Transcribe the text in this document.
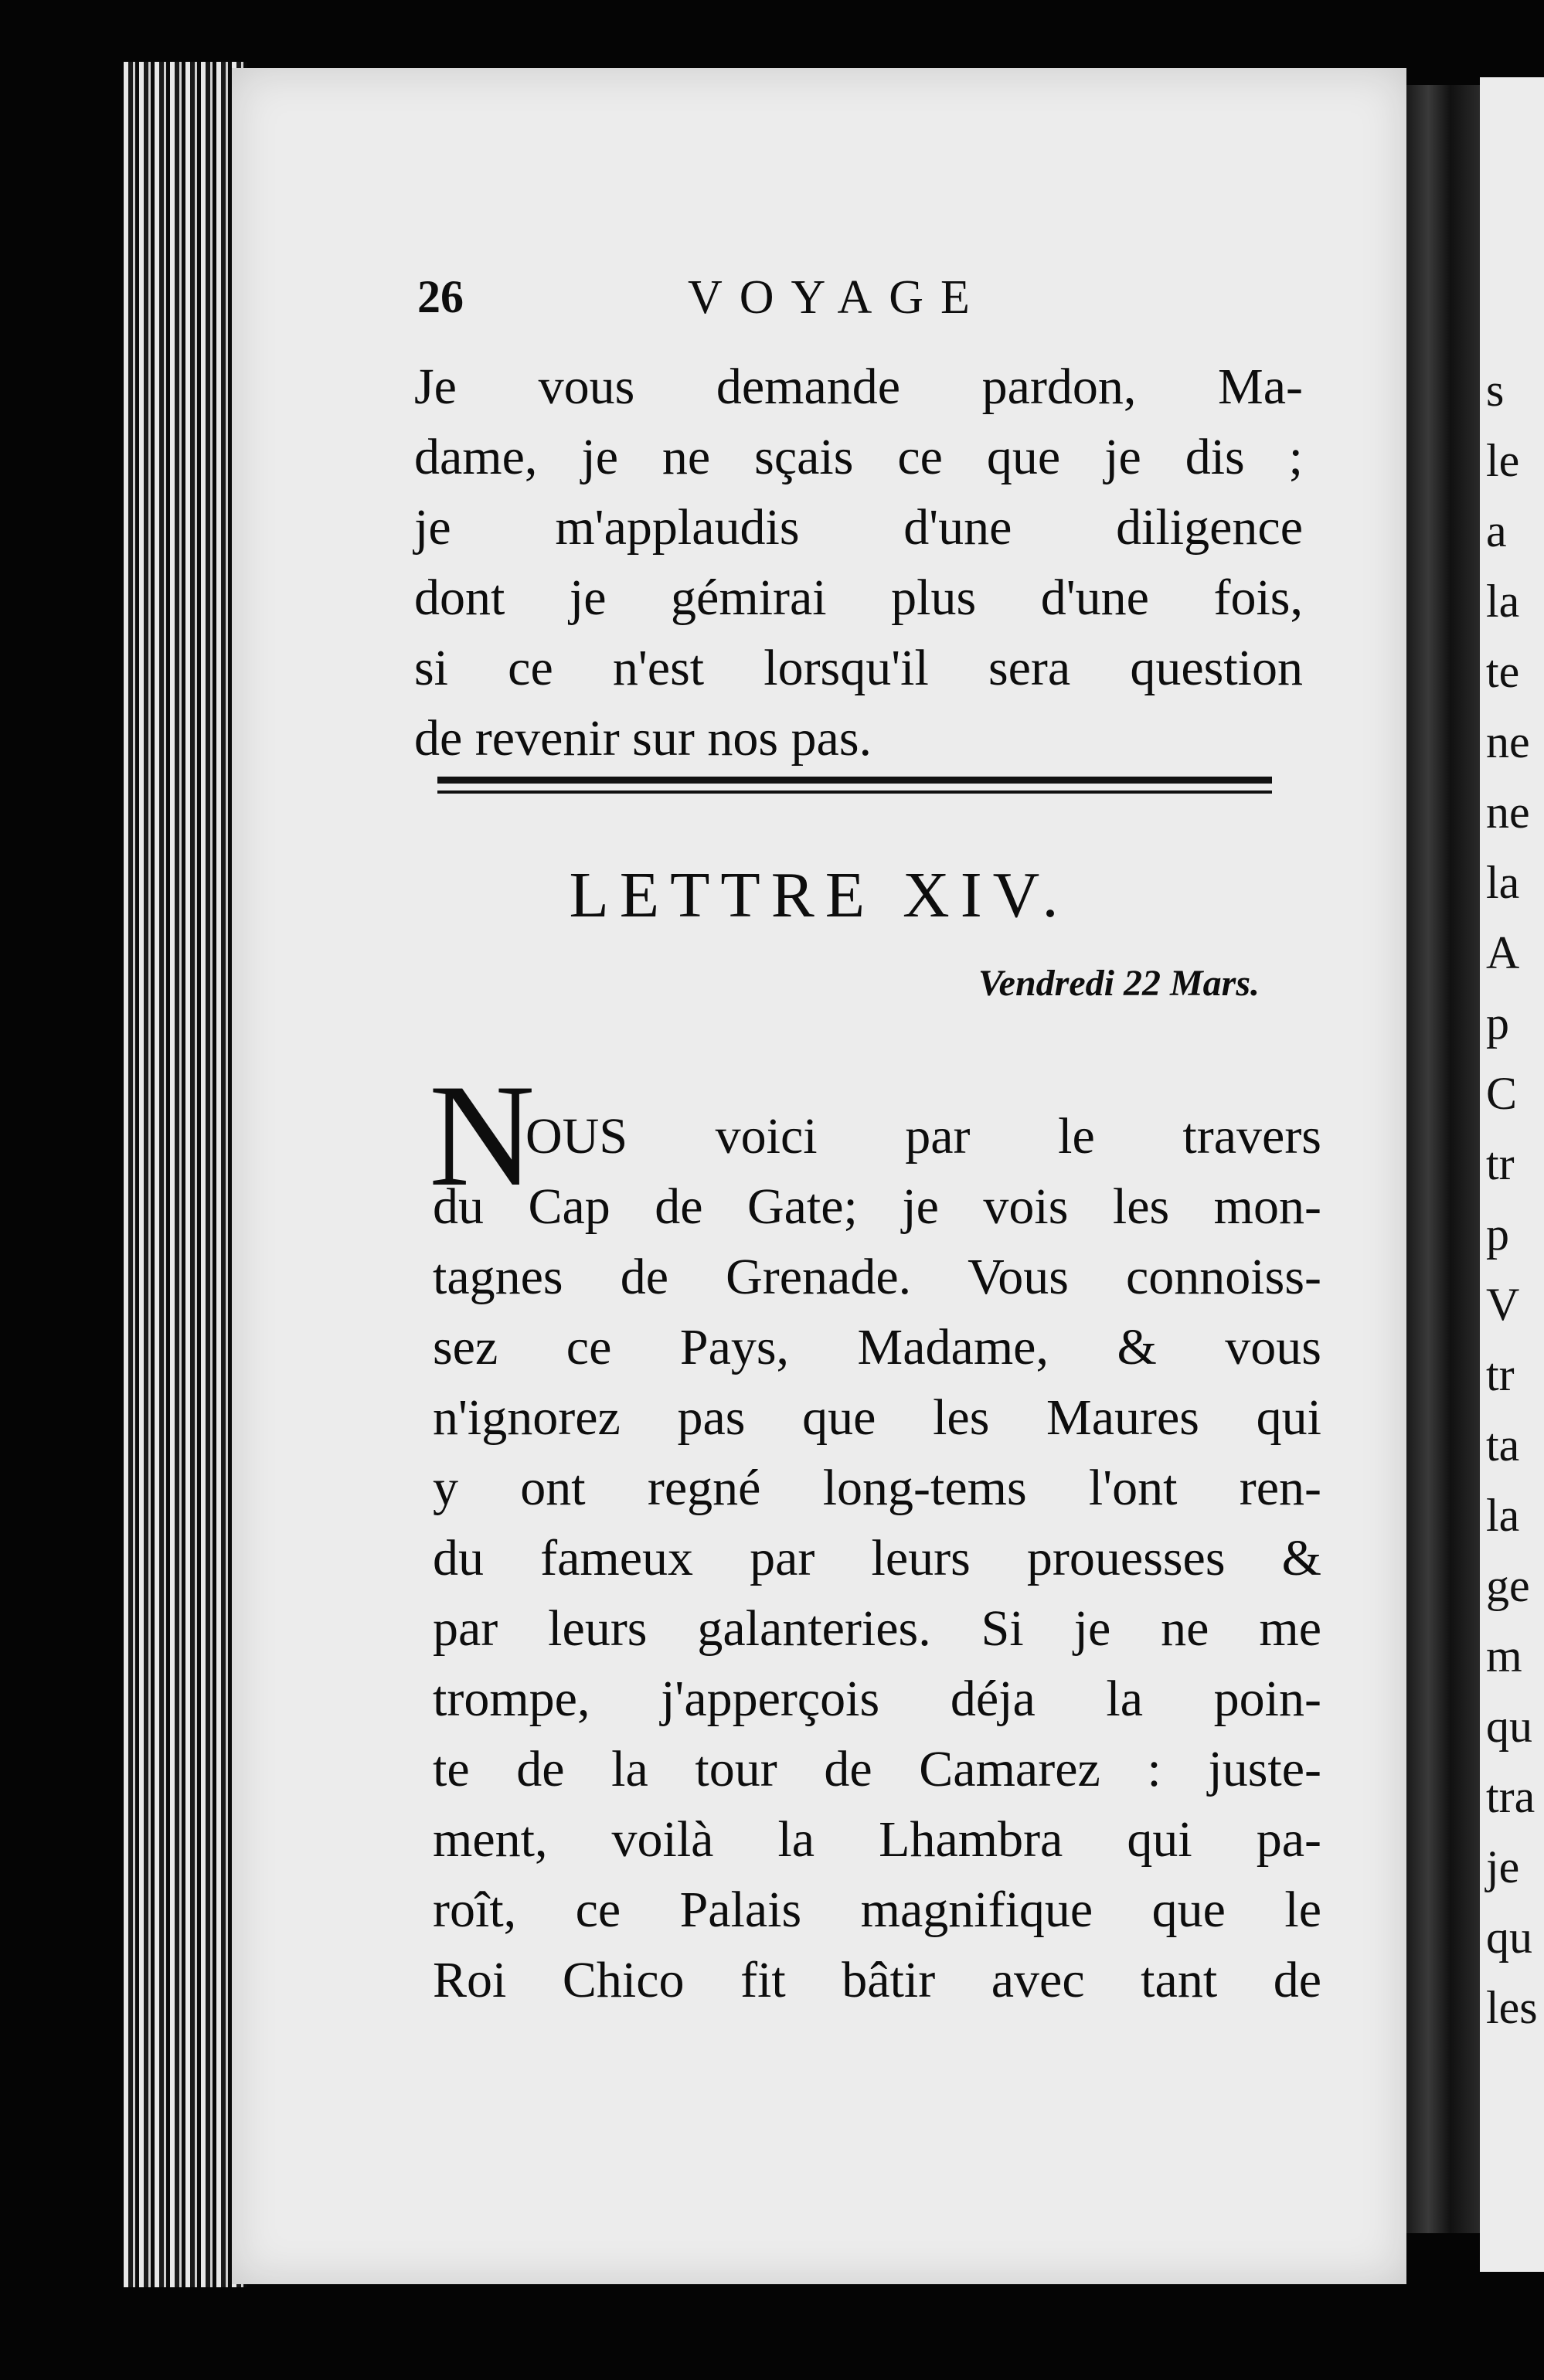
s
le
a
la
te
ne
ne
la
A
p
C
tr
p
V
tr
ta
la
ge
m
qu
tra
je
qu
les
26	VOYAGE
Je vous demande pardon, Ma-
dame, je ne sçais ce que je dis ;
je m'applaudis d'une diligence
dont je gémirai plus d'une fois,
si ce n'est lorsqu'il sera question
de revenir sur nos pas.
LETTRE XIV.
Vendredi 22 Mars.
N
OUS voici par le travers
du Cap de Gate; je vois les mon-
tagnes de Grenade. Vous connoiss-
sez ce Pays, Madame, & vous
n'ignorez pas que les Maures qui
y ont regné long-tems l'ont ren-
du fameux par leurs prouesses &
par leurs galanteries. Si je ne me
trompe, j'apperçois déja la poin-
te de la tour de Camarez : juste-
ment, voilà la Lhambra qui pa-
roît, ce Palais magnifique que le
Roi Chico fit bâtir avec tant de
